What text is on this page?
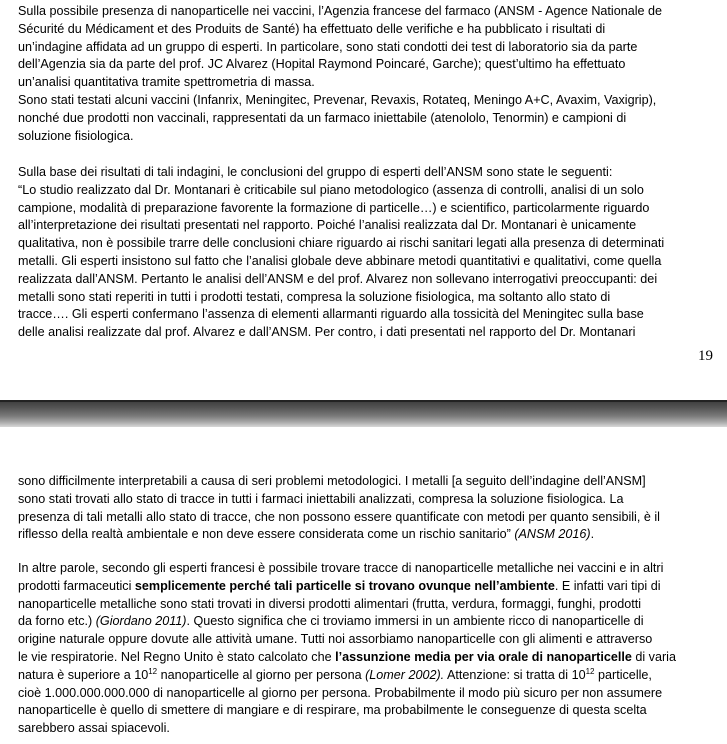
Sulla possibile presenza di nanoparticelle nei vaccini, l’Agenzia francese del farmaco (ANSM - Agence Nationale de
Sécurité du Médicament et des Produits de Santé) ha effettuato delle verifiche e ha pubblicato i risultati di
un’indagine affidata ad un gruppo di esperti. In particolare, sono stati condotti dei test di laboratorio sia da parte
dell’Agenzia sia da parte del prof. JC Alvarez (Hopital Raymond Poincaré, Garche); quest’ultimo ha effettuato
un’analisi quantitativa tramite spettrometria di massa.
Sono stati testati alcuni vaccini (Infanrix, Meningitec, Prevenar, Revaxis, Rotateq, Meningo A+C, Avaxim, Vaxigrip),
nonché due prodotti non vaccinali, rappresentati da un farmaco iniettabile (atenololo, Tenormin) e campioni di
soluzione fisiologica.
Sulla base dei risultati di tali indagini, le conclusioni del gruppo di esperti dell’ANSM sono state le seguenti:
“Lo studio realizzato dal Dr. Montanari è criticabile sul piano metodologico (assenza di controlli, analisi di un solo
campione, modalità di preparazione favorente la formazione di particelle…) e scientifico, particolarmente riguardo
all’interpretazione dei risultati presentati nel rapporto. Poiché l’analisi realizzata dal Dr. Montanari è unicamente
qualitativa, non è possibile trarre delle conclusioni chiare riguardo ai rischi sanitari legati alla presenza di determinati
metalli. Gli esperti insistono sul fatto che l’analisi globale deve abbinare metodi quantitativi e qualitativi, come quella
realizzata dall’ANSM. Pertanto le analisi dell’ANSM e del prof. Alvarez non sollevano interrogativi preoccupanti: dei
metalli sono stati reperiti in tutti i prodotti testati, compresa la soluzione fisiologica, ma soltanto allo stato di
tracce…. Gli esperti confermano l’assenza di elementi allarmanti riguardo alla tossicità del Meningitec sulla base
delle analisi realizzate dal prof. Alvarez e dall’ANSM. Per contro, i dati presentati nel rapporto del Dr. Montanari
19
sono difficilmente interpretabili a causa di seri problemi metodologici. I metalli [a seguito dell’indagine dell’ANSM]
sono stati trovati allo stato di tracce in tutti i farmaci iniettabili analizzati, compresa la soluzione fisiologica. La
presenza di tali metalli allo stato di tracce, che non possono essere quantificate con metodi per quanto sensibili, è il
riflesso della realtà ambientale e non deve essere considerata come un rischio sanitario” (ANSM 2016).
In altre parole, secondo gli esperti francesi è possibile trovare tracce di nanoparticelle metalliche nei vaccini e in altri
prodotti farmaceutici semplicemente perché tali particelle si trovano ovunque nell’ambiente. E infatti vari tipi di
nanoparticelle metalliche sono stati trovati in diversi prodotti alimentari (frutta, verdura, formaggi, funghi, prodotti
da forno etc.) (Giordano 2011). Questo significa che ci troviamo immersi in un ambiente ricco di nanoparticelle di
origine naturale oppure dovute alle attività umane. Tutti noi assorbiamo nanoparticelle con gli alimenti e attraverso
le vie respiratorie. Nel Regno Unito è stato calcolato che l’assunzione media per via orale di nanoparticelle di varia
natura è superiore a $10^{12}$ nanoparticelle al giorno per persona (Lomer 2002). Attenzione: si tratta di $10^{12}$ particelle,
cioè 1.000.000.000.000 di nanoparticelle al giorno per persona. Probabilmente il modo più sicuro per non assumere
nanoparticelle è quello di smettere di mangiare e di respirare, ma probabilmente le conseguenze di questa scelta
sarebbero assai spiacevoli.
